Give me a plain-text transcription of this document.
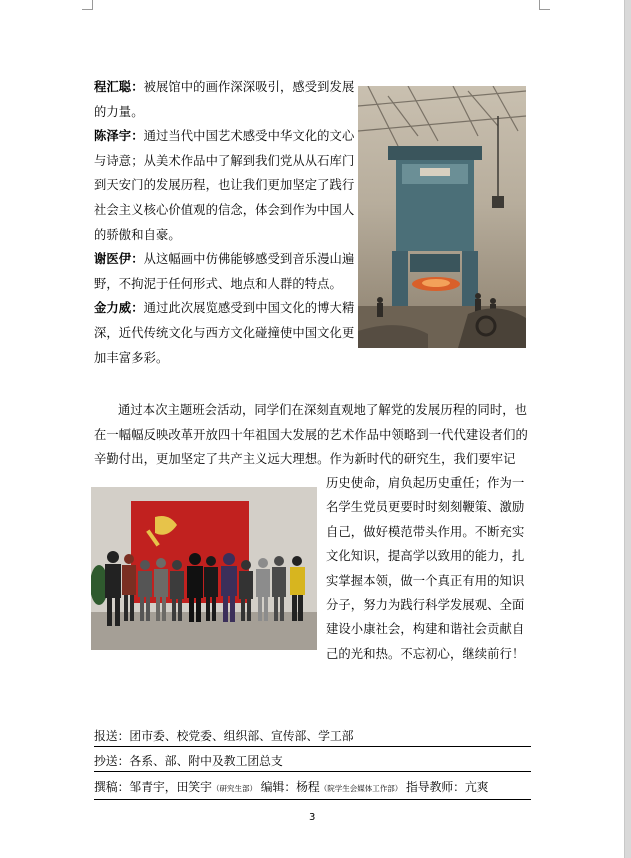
程汇聪：被展馆中的画作深深吸引，感受到发展的力量。

陈泽宇：通过当代中国艺术感受中华文化的文心与诗意；从美术作品中了解到我们党从从石库门到天安门的发展历程，也让我们更加坚定了践行社会主义核心价值观的信念，体会到作为中国人的骄傲和自豪。

谢医伊：从这幅画中仿佛能够感受到音乐漫山遍野，不拘泥于任何形式、地点和人群的特点。

金力威：通过此次展览感受到中国文化的博大精深，近代传统文化与西方文化碰撞使中国文化更加丰富多彩。

通过本次主题班会活动，同学们在深刻直观地了解党的发展历程的同时，也在一幅幅反映改革开放四十年祖国大发展的艺术作品中领略到一代代建设者们的辛勤付出，更加坚定了共产主义远大理想。作为新时代的研究生，我们要牢记

历史使命，肩负起历史重任；作为一名学生党员更要时时刻刻鞭策、激励自己，做好模范带头作用。不断充实文化知识，提高学以致用的能力，扎实掌握本领，做一个真正有用的知识分子，努力为践行科学发展观、全面建设小康社会，构建和谐社会贡献自己的光和热。不忘初心，继续前行！

报送：团市委、校党委、组织部、宣传部、学工部
抄送：各系、部、附中及教工团总支
撰稿：邹青宇，田笑宇（研究生部） 编辑：杨程（院学生会媒体工作部） 指导教师：亢爽
3
